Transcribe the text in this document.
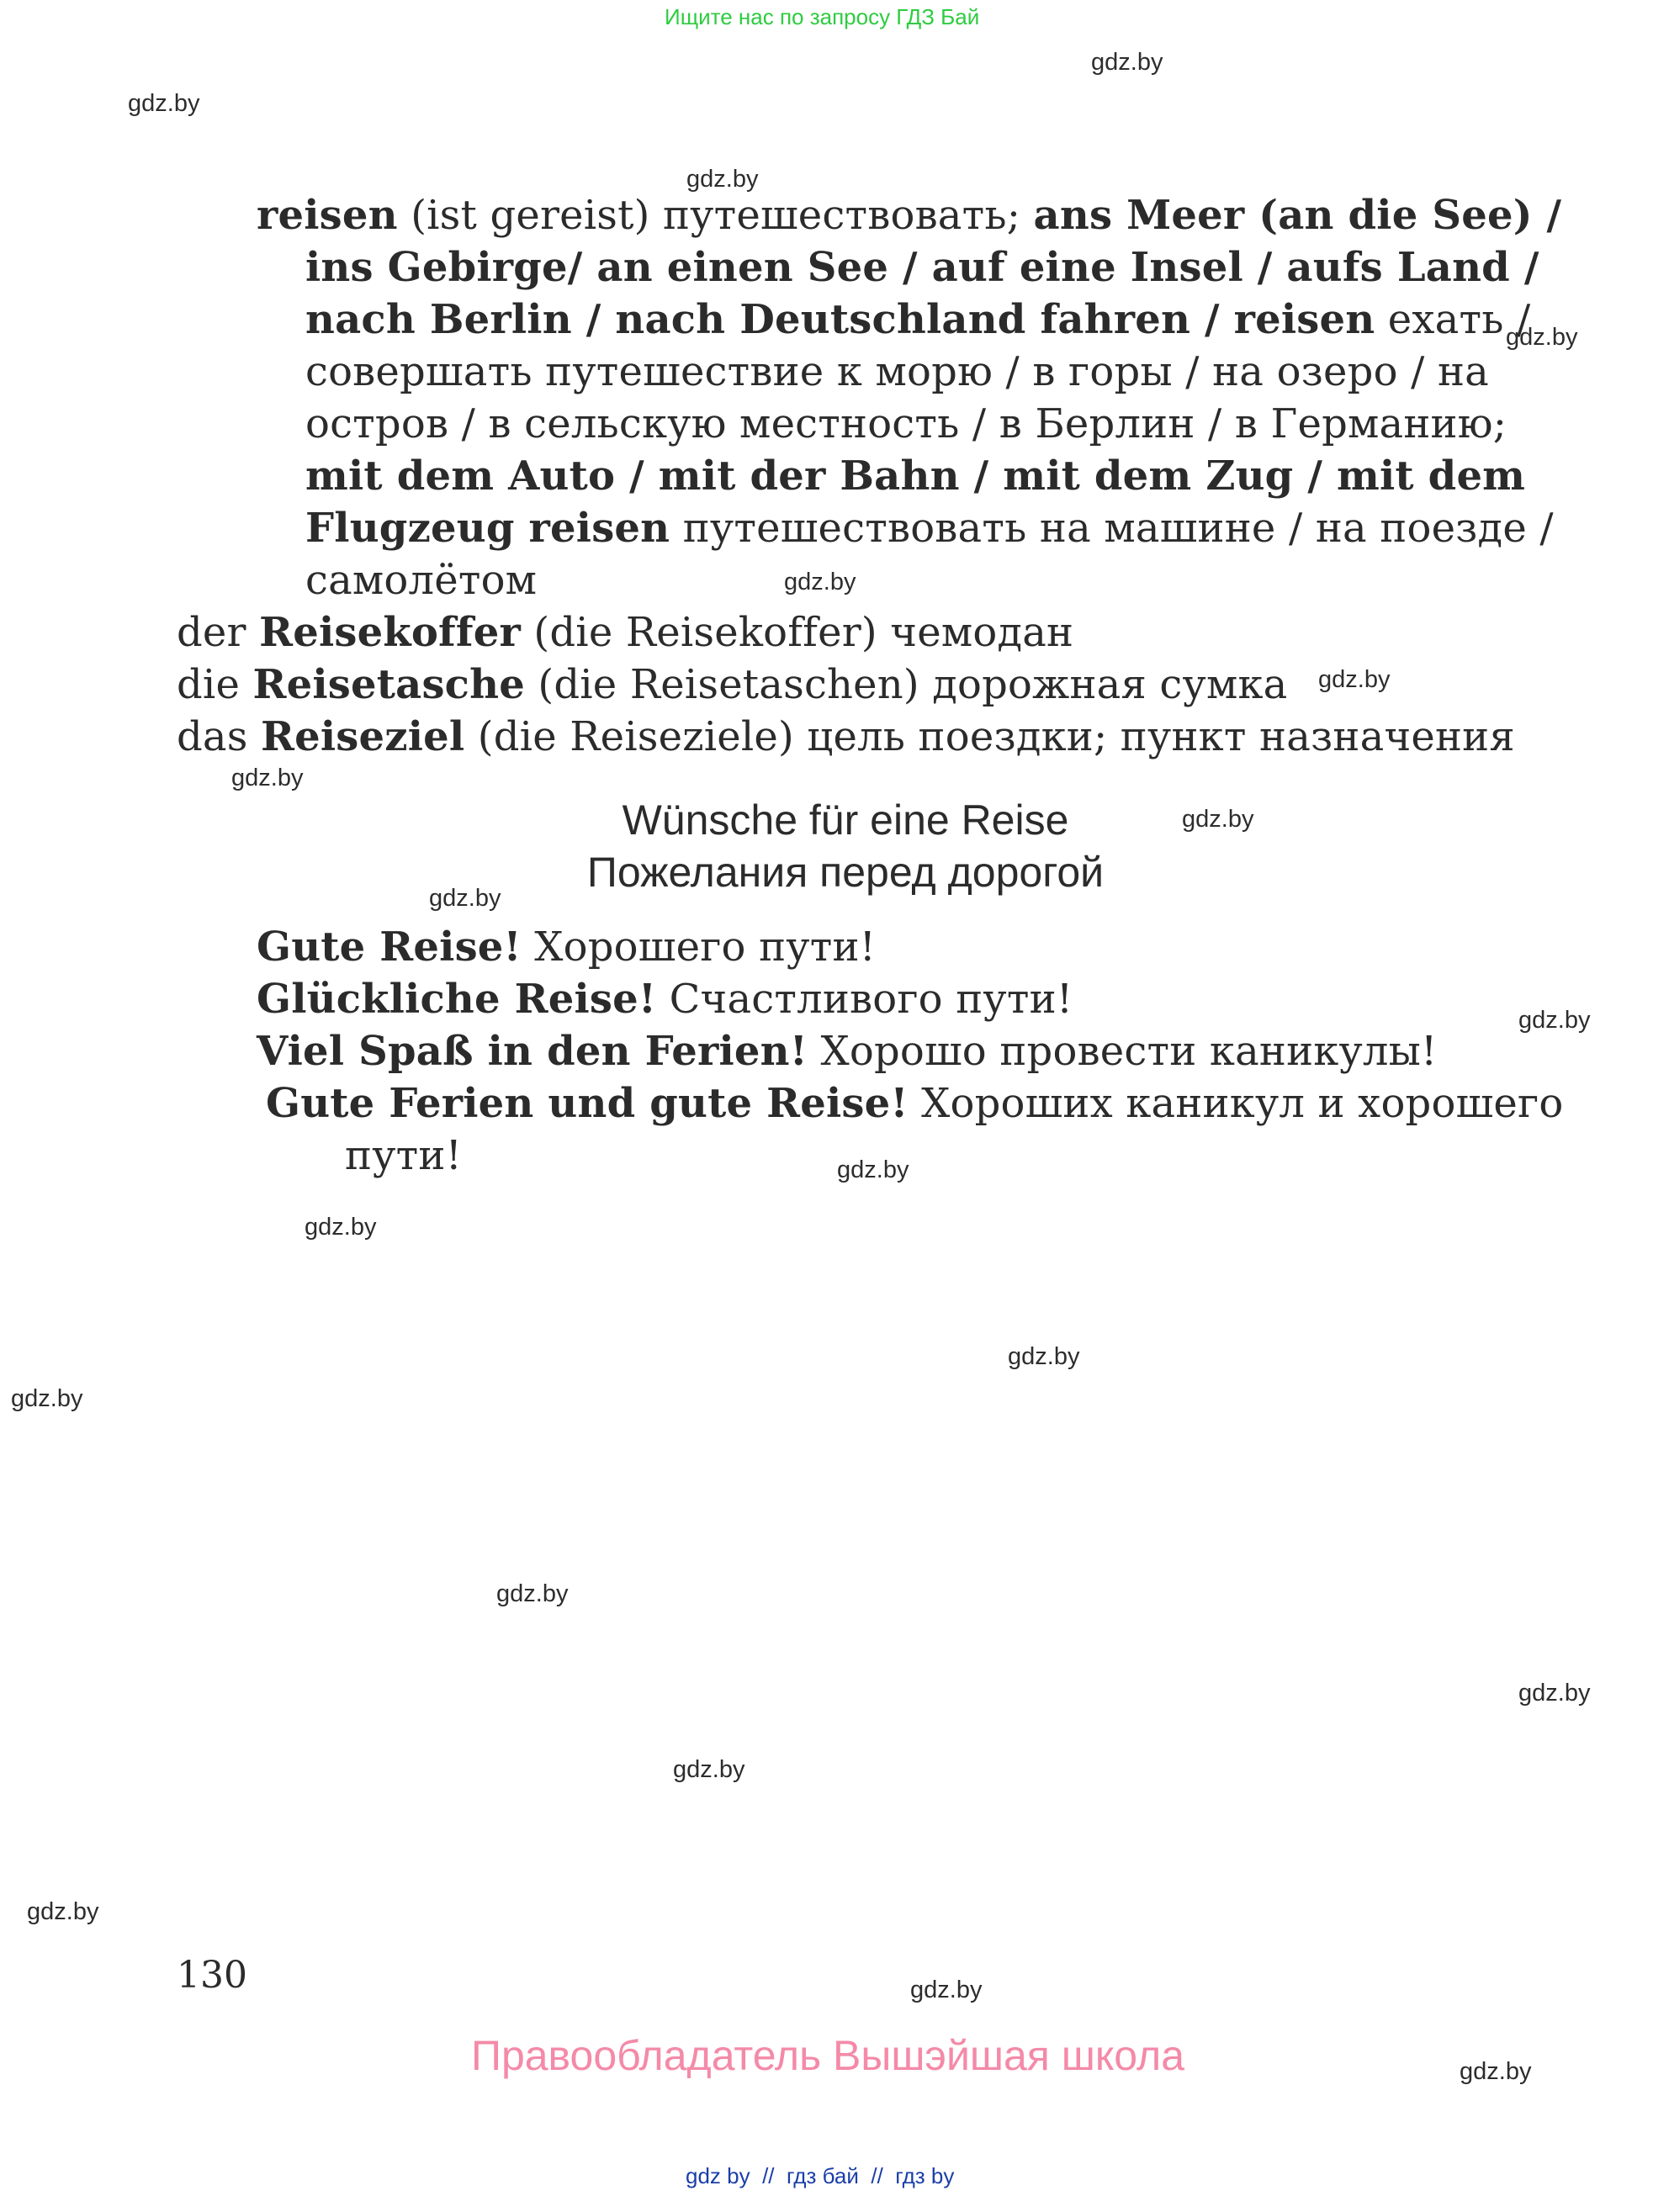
Ищите нас по запросу ГДЗ Бай
gdz.by
gdz.by
gdz.by
gdz.by
gdz.by
gdz.by
gdz.by
gdz.by
gdz.by
gdz.by
gdz.by
gdz.by
gdz.by
gdz.by
gdz.by
gdz.by
gdz.by
gdz.by
gdz.by
gdz.by
reisen (ist gereist) путешествовать; ans Meer (an die See) /
ins Gebirge/ an einen See / auf eine Insel / aufs Land /
nach Berlin / nach Deutschland fahren / reisen ехать /
совершать путешествие к морю / в горы / на озеро / на
остров / в сельскую местность / в Берлин / в Германию;
mit dem Auto / mit der Bahn / mit dem Zug / mit dem
Flugzeug reisen путешествовать на машине / на поезде /
самолётом
der Reisekoffer (die Reisekoffer) чемодан
die Reisetasche (die Reisetaschen) дорожная сумка
das Reiseziel (die Reiseziele) цель поездки; пункт назначения
Wünsche für eine Reise
Пожелания перед дорогой
Gute Reise! Хорошего пути!
Glückliche Reise! Счастливого пути!
Viel Spaß in den Ferien! Хорошо провести каникулы!
Gute Ferien und gute Reise! Хороших каникул и хорошего
пути!
130
Правообладатель Вышэйшая школа
gdz by // гдз бай // гдз by
